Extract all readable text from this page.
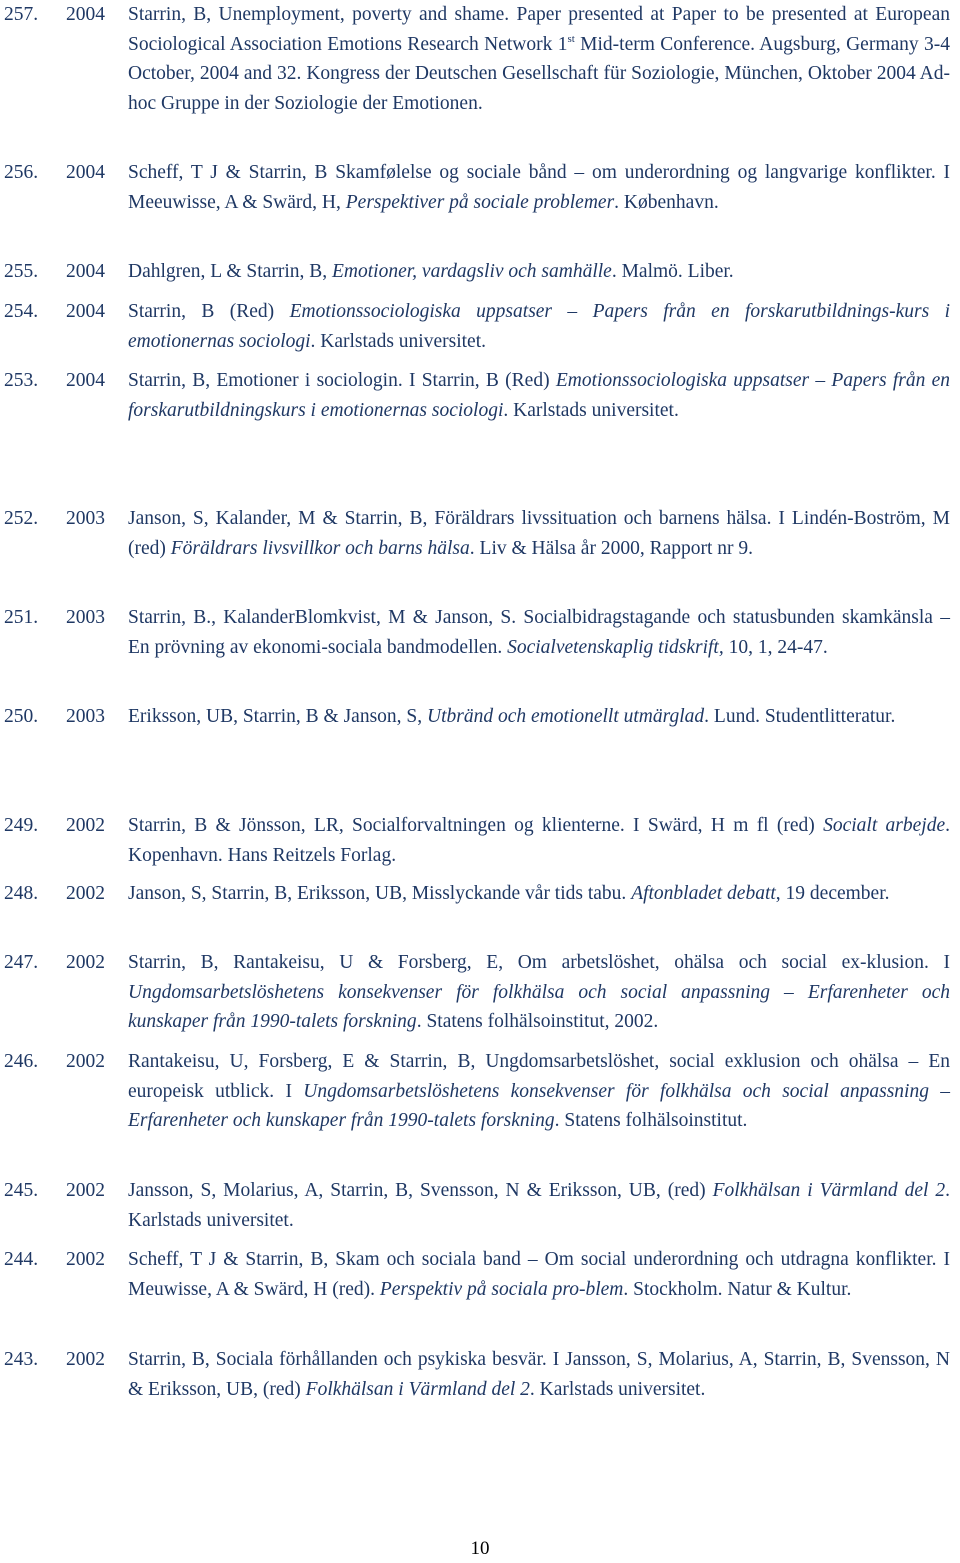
257. 2004 Starrin, B, Unemployment, poverty and shame. Paper presented at Paper to be presented at European Sociological Association Emotions Research Network 1st Mid-term Conference. Augsburg, Germany 3-4 October, 2004 and 32. Kongress der Deutschen Gesellschaft für Soziologie, München, Oktober 2004 Ad-hoc Gruppe in der Soziologie der Emotionen.
256. 2004 Scheff, T J & Starrin, B Skamfølelse og sociale bånd – om underordning og langvarige konflikter. I Meeuwisse, A & Swärd, H, Perspektiver på sociale problemer. København.
255. 2004 Dahlgren, L & Starrin, B, Emotioner, vardagsliv och samhälle. Malmö. Liber.
254. 2004 Starrin, B (Red) Emotionssociologiska uppsatser – Papers från en forskarutbildnings-kurs i emotionernas sociologi. Karlstads universitet.
253. 2004 Starrin, B, Emotioner i sociologin. I Starrin, B (Red) Emotionssociologiska uppsatser – Papers från en forskarutbildningskurs i emotionernas sociologi. Karlstads universitet.
252. 2003 Janson, S, Kalander, M & Starrin, B, Föräldrars livssituation och barnens hälsa. I Lindén-Boström, M (red) Föräldrars livsvillkor och barns hälsa. Liv & Hälsa år 2000, Rapport nr 9.
251. 2003 Starrin, B., KalanderBlomkvist, M & Janson, S. Socialbidragstagande och statusbunden skamkänsla – En prövning av ekonomi-sociala bandmodellen. Socialvetenskaplig tidskrift, 10, 1, 24-47.
250. 2003 Eriksson, UB, Starrin, B & Janson, S, Utbränd och emotionellt utmärglad. Lund. Studentlitteratur.
249. 2002 Starrin, B & Jönsson, LR, Socialforvaltningen og klienterne. I Swärd, H m fl (red) Socialt arbejde. Kopenhavn. Hans Reitzels Forlag.
248. 2002 Janson, S, Starrin, B, Eriksson, UB, Misslyckande vår tids tabu. Aftonbladet debatt, 19 december.
247. 2002 Starrin, B, Rantakeisu, U & Forsberg, E, Om arbetslöshet, ohälsa och social ex-klusion. I Ungdomsarbetslöshetens konsekvenser för folkhälsa och social anpassning – Erfarenheter och kunskaper från 1990-talets forskning. Statens folhälsoinstitut, 2002.
246. 2002 Rantakeisu, U, Forsberg, E & Starrin, B, Ungdomsarbetslöshet, social exklusion och ohälsa – En europeisk utblick. I Ungdomsarbetslöshetens konsekvenser för folkhälsa och social anpassning – Erfarenheter och kunskaper från 1990-talets forskning. Statens folhälsoinstitut.
245. 2002 Jansson, S, Molarius, A, Starrin, B, Svensson, N & Eriksson, UB, (red) Folkhälsan i Värmland del 2. Karlstads universitet.
244. 2002 Scheff, T J & Starrin, B, Skam och sociala band – Om social underordning och utdragna konflikter. I Meuwisse, A & Swärd, H (red). Perspektiv på sociala pro-blem. Stockholm. Natur & Kultur.
243. 2002 Starrin, B, Sociala förhållanden och psykiska besvär. I Jansson, S, Molarius, A, Starrin, B, Svensson, N & Eriksson, UB, (red) Folkhälsan i Värmland del 2. Karlstads universitet.
10
